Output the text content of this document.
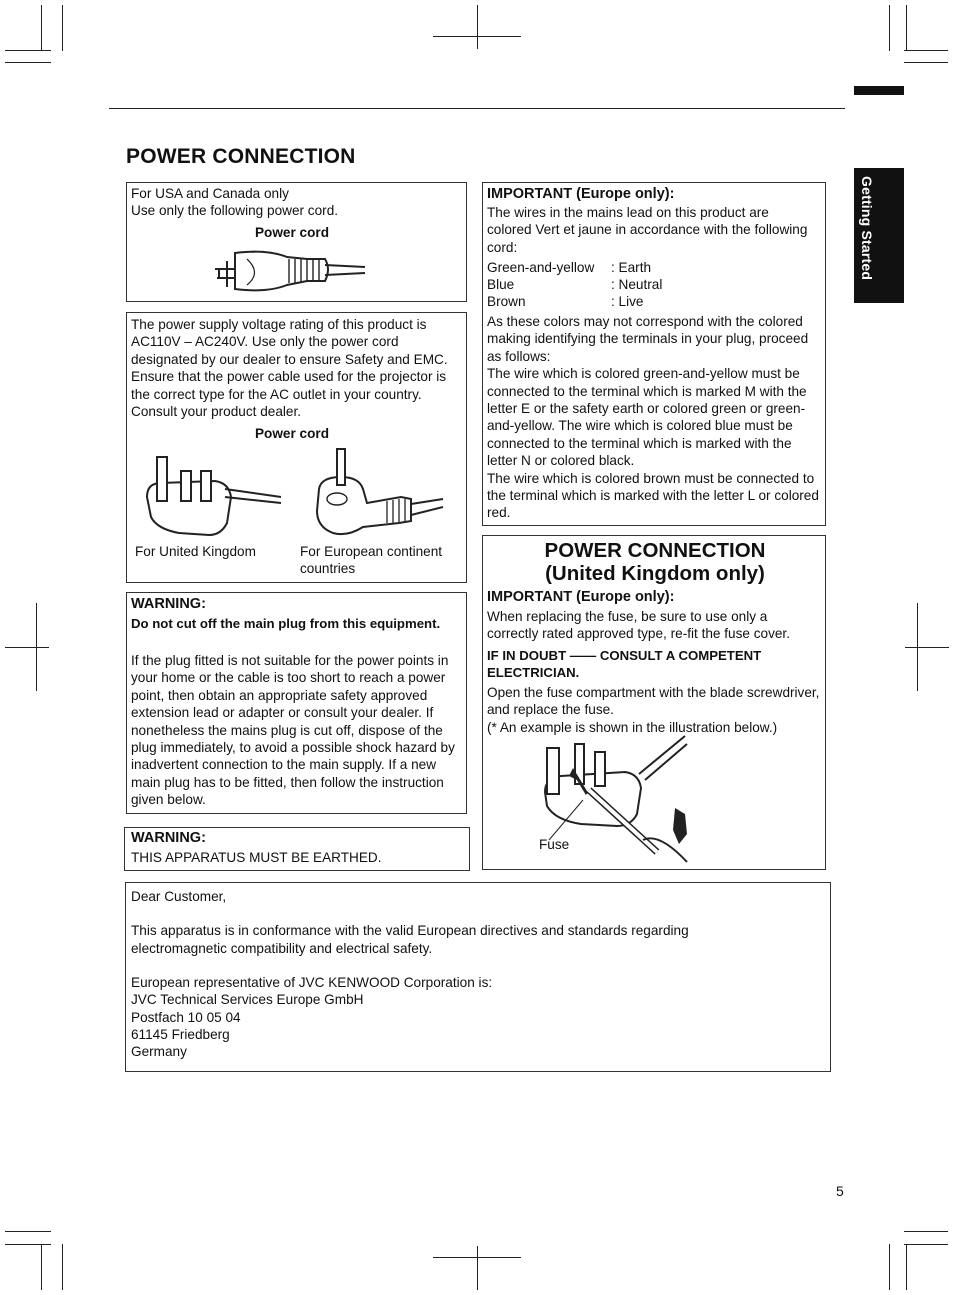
Getting Started
POWER CONNECTION

For USA and Canada only

Use only the following power cord.

Power cord

The power supply voltage rating of this product is AC110V – AC240V. Use only the power cord designated by our dealer to ensure Safety and EMC. Ensure that the power cable used for the projector is the correct type for the AC outlet in your country. Consult your product dealer.

Power cord
For United Kingdom	For European continent countries
WARNING:

Do not cut off the main plug from this equipment.

If the plug fitted is not suitable for the power points in your home or the cable is too short to reach a power point, then obtain an appropriate safety approved extension lead or adapter or consult your dealer. If nonetheless the mains plug is cut off, dispose of the plug immediately, to avoid a possible shock hazard by inadvertent connection to the main supply. If a new main plug has to be fitted, then follow the instruction given below.

WARNING:
THIS APPARATUS MUST BE EARTHED.
IMPORTANT (Europe only):

The wires in the mains lead on this product are colored Vert et jaune in accordance with the following cord:

Green-and-yellow	: Earth
Blue	: Neutral
Brown	: Live

As these colors may not correspond with the colored making identifying the terminals in your plug, proceed as follows:

The wire which is colored green-and-yellow must be connected to the terminal which is marked M with the letter E or the safety earth or colored green or green-and-yellow. The wire which is colored blue must be connected to the terminal which is marked with the letter N or colored black.

The wire which is colored brown must be connected to the terminal which is marked with the letter L or colored red.

POWER CONNECTION
(United Kingdom only)
IMPORTANT (Europe only):

When replacing the fuse, be sure to use only a correctly rated approved type, re-fit the fuse cover.

IF IN DOUBT —— CONSULT A COMPETENT ELECTRICIAN.

Open the fuse compartment with the blade screwdriver, and replace the fuse.

(* An example is shown in the illustration below.)

Fuse

Dear Customer,

This apparatus is in conformance with the valid European directives and standards regarding electromagnetic compatibility and electrical safety.

European representative of JVC KENWOOD Corporation is:

JVC Technical Services Europe GmbH

Postfach 10 05 04

61145 Friedberg

Germany

5
